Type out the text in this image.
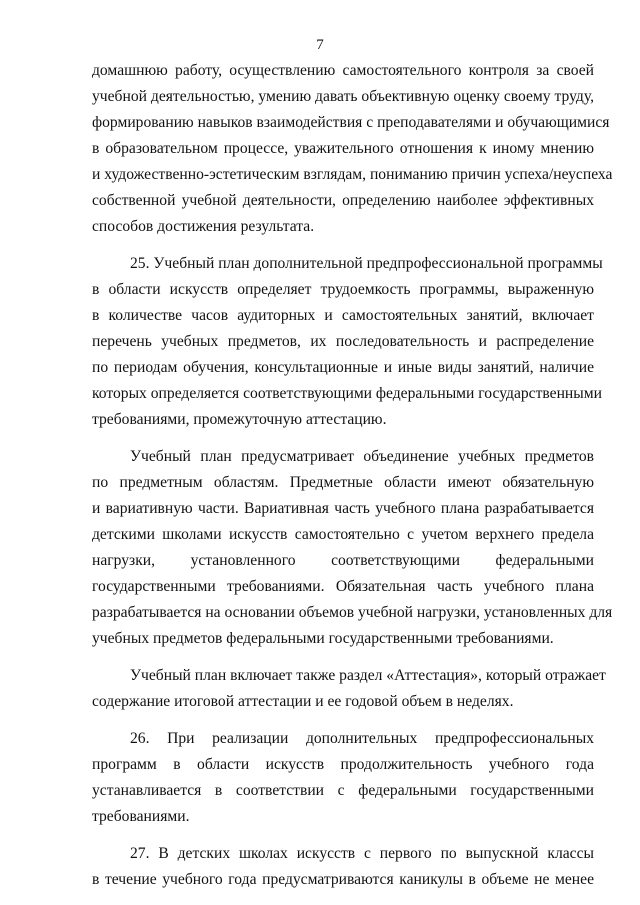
7
домашнюю работу, осуществлению самостоятельного контроля за своей
учебной деятельностью, умению давать объективную оценку своему труду,
формированию навыков взаимодействия с преподавателями и обучающимися
в образовательном процессе, уважительного отношения к иному мнению
и художественно-эстетическим взглядам, пониманию причин успеха/неуспеха
собственной учебной деятельности, определению наиболее эффективных
способов достижения результата.
25. Учебный план дополнительной предпрофессиональной программы
в области искусств определяет трудоемкость программы, выраженную
в количестве часов аудиторных и самостоятельных занятий, включает
перечень учебных предметов, их последовательность и распределение
по периодам обучения, консультационные и иные виды занятий, наличие
которых определяется соответствующими федеральными государственными
требованиями, промежуточную аттестацию.
Учебный план предусматривает объединение учебных предметов
по предметным областям. Предметные области имеют обязательную
и вариативную части. Вариативная часть учебного плана разрабатывается
детскими школами искусств самостоятельно с учетом верхнего предела
нагрузки, установленного соответствующими федеральными
государственными требованиями. Обязательная часть учебного плана
разрабатывается на основании объемов учебной нагрузки, установленных для
учебных предметов федеральными государственными требованиями.
Учебный план включает также раздел «Аттестация», который отражает
содержание итоговой аттестации и ее годовой объем в неделях.
26. При реализации дополнительных предпрофессиональных
программ в области искусств продолжительность учебного года
устанавливается в соответствии с федеральными государственными
требованиями.
27. В детских школах искусств с первого по выпускной классы
в течение учебного года предусматриваются каникулы в объеме не менее
